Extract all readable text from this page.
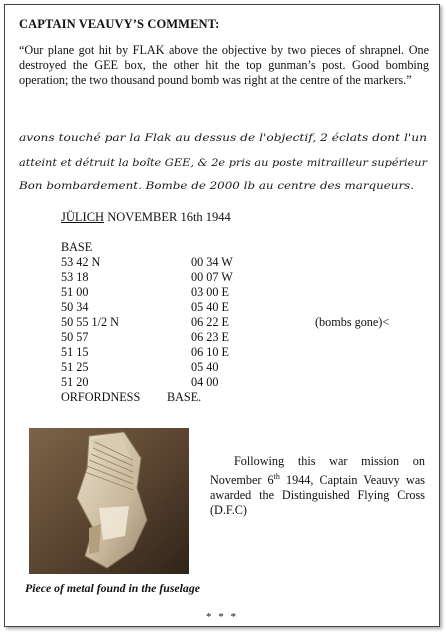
CAPTAIN VEAUVY’S COMMENT:
“Our plane got hit by FLAK above the objective by two pieces of shrapnel. One destroyed the GEE box, the other hit the top gunman’s post. Good bombing operation; the two thousand pound bomb was right at the centre of the markers.”
avons touché par la Flak au dessus de l'objectif, 2 éclats dont l'un
atteint et détruit la boîte GEE, & 2e pris au poste mitrailleur supérieur
Bon bombardement. Bombe de 2000 lb au centre des marqueurs.
JÜLICH NOVEMBER 16th 1944
BASE
53 42 N	00 34 W
53 18	00 07 W
51 00	03 00 E
50 34	05 40 E
50 55 1/2 N	06 22 E	(bombs gone)<
50 57	06 23 E
51 15	06 10 E
51 25	05 40
51 20	04 00
ORFORDNESS BASE.
Piece of metal found in the fuselage
Following this war mission on November 6th 1944, Captain Veauvy was awarded the Distinguished Flying Cross (D.F.C)
* * *
